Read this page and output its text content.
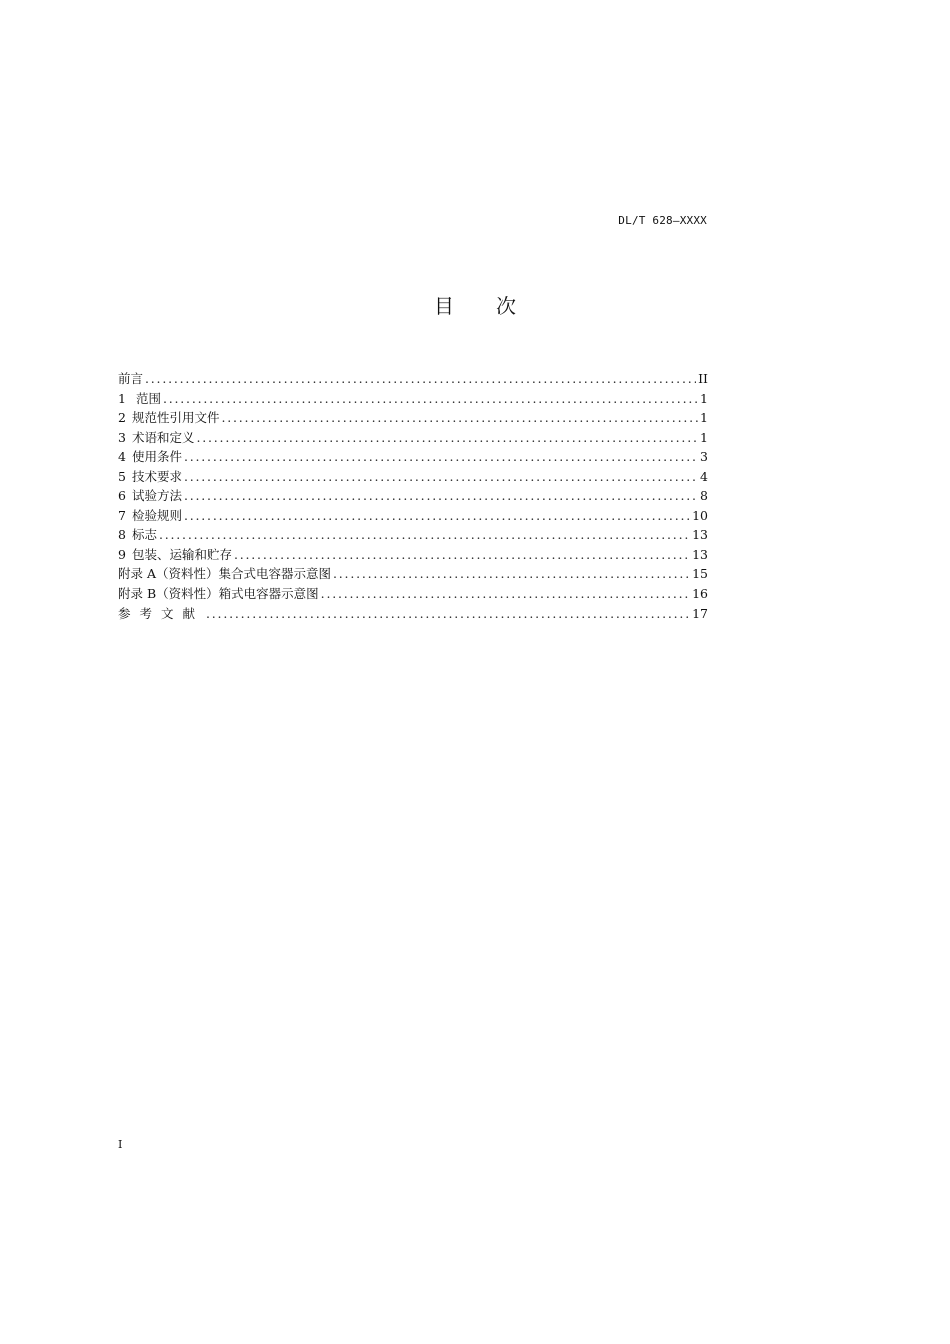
DL/T 628—XXXX
目 次
前言 .....	II
1 范围 .....	1
2 规范性引用文件 .....	1
3 术语和定义 .....	1
4 使用条件 .....	3
5 技术要求 .....	4
6 试验方法 .....	8
7 检验规则 .....	10
8 标志 .....	13
9 包装、运输和贮存 .....	13
附录 A（资料性）集合式电容器示意图 .....	15
附录 B（资料性）箱式电容器示意图 .....	16
参考文献 .....	17
I
